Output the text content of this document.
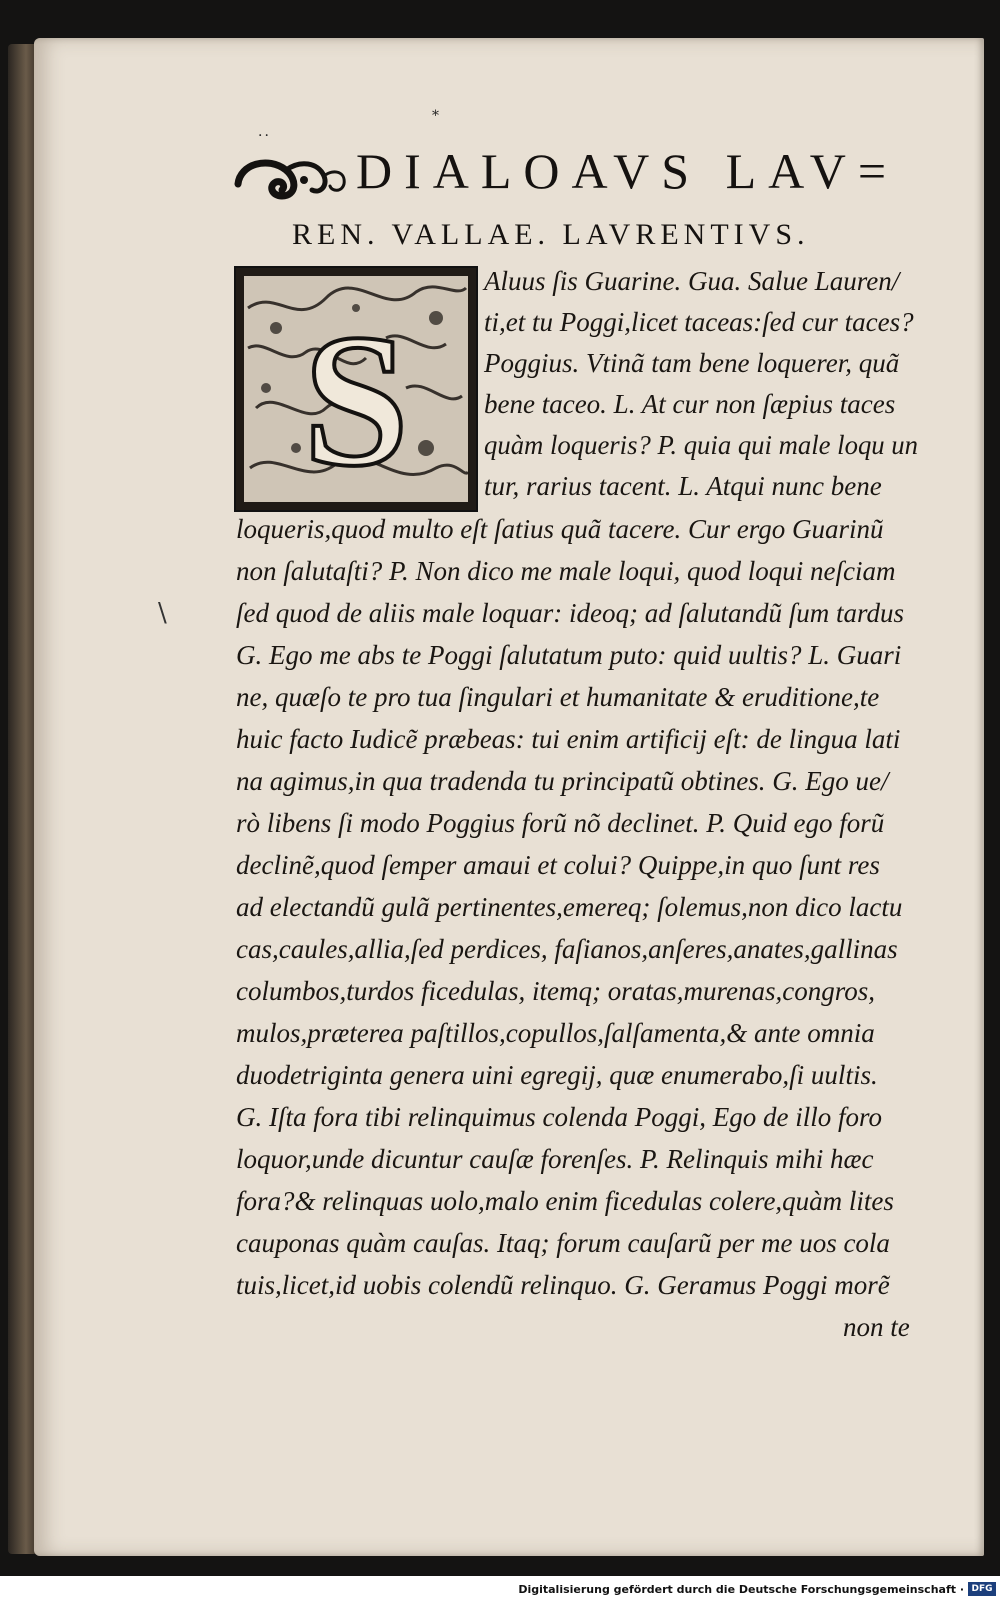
*
··
DIALOAVS LAV=
REN. VALLAE. LAVRENTIVS.
S
Aluus ſis Guarine. Gua. Salue Lauren/
ti,et tu Poggi,licet taceas:ſed cur taces?
Poggius. Vtinã tam bene loquerer, quã
bene taceo. L. At cur non ſæpius taces
quàm loqueris? P. quia qui male loqu un
tur, rarius tacent. L. Atqui nunc bene
loqueris,quod multo eſt ſatius quã tacere. Cur ergo Guarinũ
non ſalutaſti? P. Non dico me male loqui, quod loqui neſciam
ſed quod de aliis male loquar: ideoq; ad ſalutandũ ſum tardus
G. Ego me abs te Poggi ſalutatum puto: quid uultis? L. Guari
ne, quæſo te pro tua ſingulari et humanitate & eruditione,te
huic facto Iudicẽ præbeas: tui enim artificij eſt: de lingua lati
na agimus,in qua tradenda tu principatũ obtines. G. Ego ue/
rò libens ſi modo Poggius forũ nõ declinet. P. Quid ego forũ
declinẽ,quod ſemper amaui et colui? Quippe,in quo ſunt res
ad electandũ gulã pertinentes,emereq; ſolemus,non dico lactu
cas,caules,allia,ſed perdices, faſianos,anſeres,anates,gallinas
columbos,turdos ficedulas, itemq; oratas,murenas,congros,
mulos,præterea paſtillos,copullos,ſalſamenta,& ante omnia
duodetriginta genera uini egregij, quæ enumerabo,ſi uultis.
G. Iſta fora tibi relinquimus colenda Poggi, Ego de illo foro
loquor,unde dicuntur cauſæ forenſes. P. Relinquis mihi hæc
fora?& relinquas uolo,malo enim ficedulas colere,quàm lites
cauponas quàm cauſas. Itaq; forum cauſarũ per me uos cola
tuis,licet,id uobis colendũ relinquo. G. Geramus Poggi morẽ
non te
\
Digitalisierung gefördert durch die Deutsche Forschungsgemeinschaft · DFG
